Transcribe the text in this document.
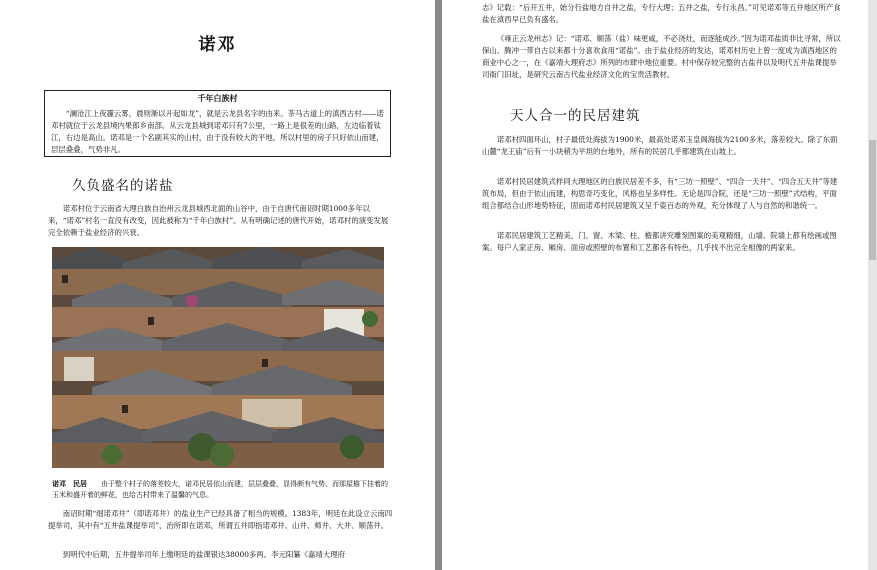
诺邓
千年白族村

“澜沧江上夜霾云雾，晨则渐以升起如龙”，就是云龙县名字的由来。茶马古道上的滇西古村——诺邓村就位于云龙县境内果郎乡南部。从云龙县城到诺邓只有7公里，一路上是很差的山路，左边临着钛江，右边是高山。诺邓是一个名副其实的山村，由于没有较大的平地，所以村里的房子只好依山而建，层层叠叠，气势非凡。

久负盛名的诺盐

诺邓村位于云南省大理白族自治州云龙县城西北面的山谷中，由于自唐代南诏时期1000多年以来，“诺邓”村名一直没有改变，因此被称为“千年白族村”。从有明确记述的唐代开始，诺邓村的演变发展完全依赖于盐业经济的兴衰。

诺邓　民居 由于整个村子的落差较大，诺邓民居依山而建，层层叠叠，显得颇有气势。而那屋檐下挂着的玉米和盛开着的鲜花，也给古村带来了温馨的气息。

南诏时期“细诺邓井”（即诺邓井）的盐业生产已经具备了相当的规模。1383年，明廷在此设立云南四提举司，其中有“五井盐课提举司”，治所即在诺邓，所谓五井即指诺邓井、山井、师井、大井、顺荡井。

到明代中后期，五井提举司年上缴明廷的盐课银达38000多两。李元阳纂《嘉靖大理府

志》记载：“后开五井，始分行盐地方自井之盐，专行大理；五井之盐，专行永昌。”可见诺邓等五井地区所产食盐在滇西早已负有盛名。

《雍正云龙州志》记：“诺邓、顺荡（盐）味更咸，不必浇灶，而逐能成沙。”因为诺邓盐质非比寻常，所以保山、腾冲一带自古以来都十分喜欢食用“诺盐”。由于盐业经济的发达，诺邓村历史上曾一度成为滇西地区的商业中心之一，在《嘉靖大理府志》所列的市肆中地位重要。村中保存较完整的古盐井以及明代五井盐课提举司衙门旧址，是研究云南古代盐业经济文化的宝贵活教材。

天人合一的民居建筑

诺邓村四面环山，村子最低处海拔为1900米，最高处诺邓玉皇阁海拔为2100多米，落差较大。除了东面山麓“龙王庙”后有一小块稍为平坦的台地外，所有的民居几乎都建筑在山坡上。

诺邓村民居建筑式样同大理地区的白族民居差不多，有“三坊一照壁”、“四合一天井”、“四合五天井”等建筑布局，但由于依山而建，构思奇巧变化，风格也呈多样性。无论是四合院，还是“三坊一照壁”式结构，平面组合都结合山形地势特征，固而诺邓村民居建筑又呈千姿百态的外观，充分体现了人与自然的和谐统一。

诺邓民居建筑工艺精美，门、窗、木梁、柱、檐都讲究雕刻图案的美观精细，山墙、院墙上都有绘画或图案。每户人家正房、厢房、面房或照壁的布置和工艺都各有特色，几乎找不出完全相像的两家来。
